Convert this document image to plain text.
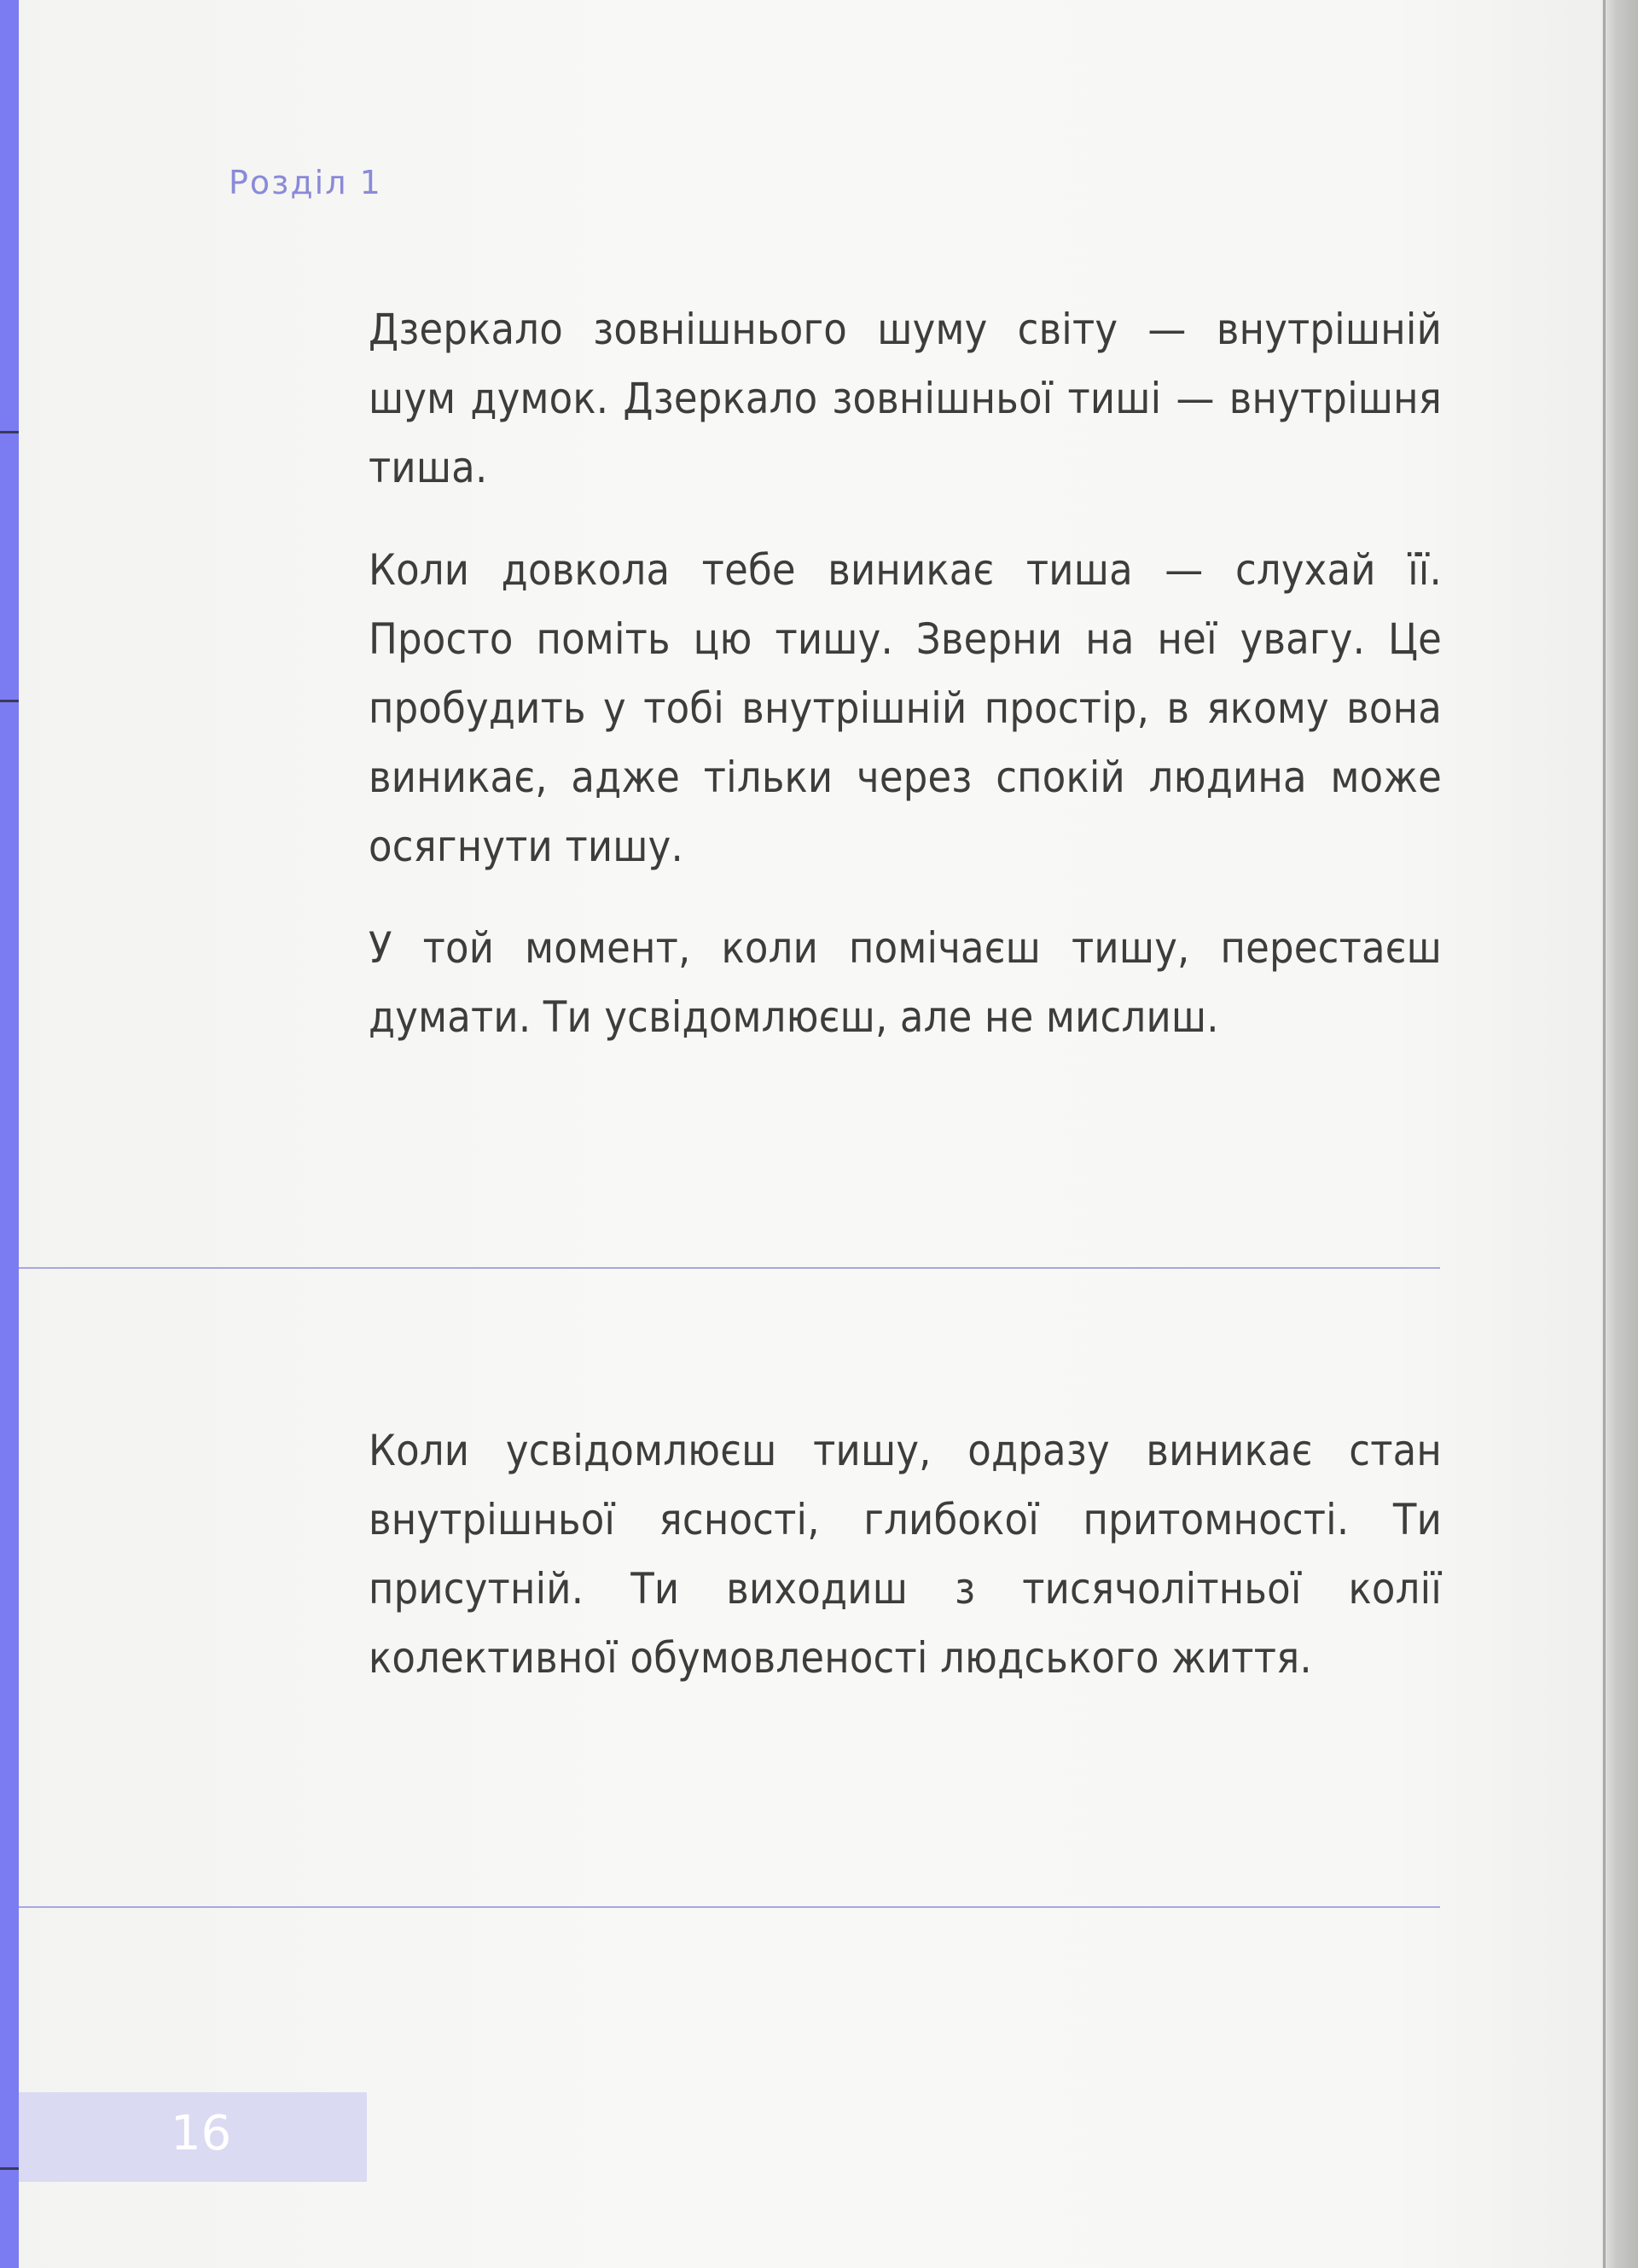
Розділ 1

Дзеркало зовнішнього шуму світу — внутрішній шум думок. Дзеркало зовнішньої тиші — внутрішня тиша.

Коли довкола тебе виникає тиша — слухай її. Просто поміть цю тишу. Зверни на неї увагу. Це пробудить у тобі внутрішній простір, в якому вона виникає, адже тільки через спокій людина може осягнути тишу.

У той момент, коли помічаєш тишу, перестаєш думати. Ти усвідомлюєш, але не мислиш.

Коли усвідомлюєш тишу, одразу виникає стан внутрішньої ясності, глибокої притомності. Ти присутній. Ти виходиш з тисячолітньої колії колективної обумовленості людського життя.

16
